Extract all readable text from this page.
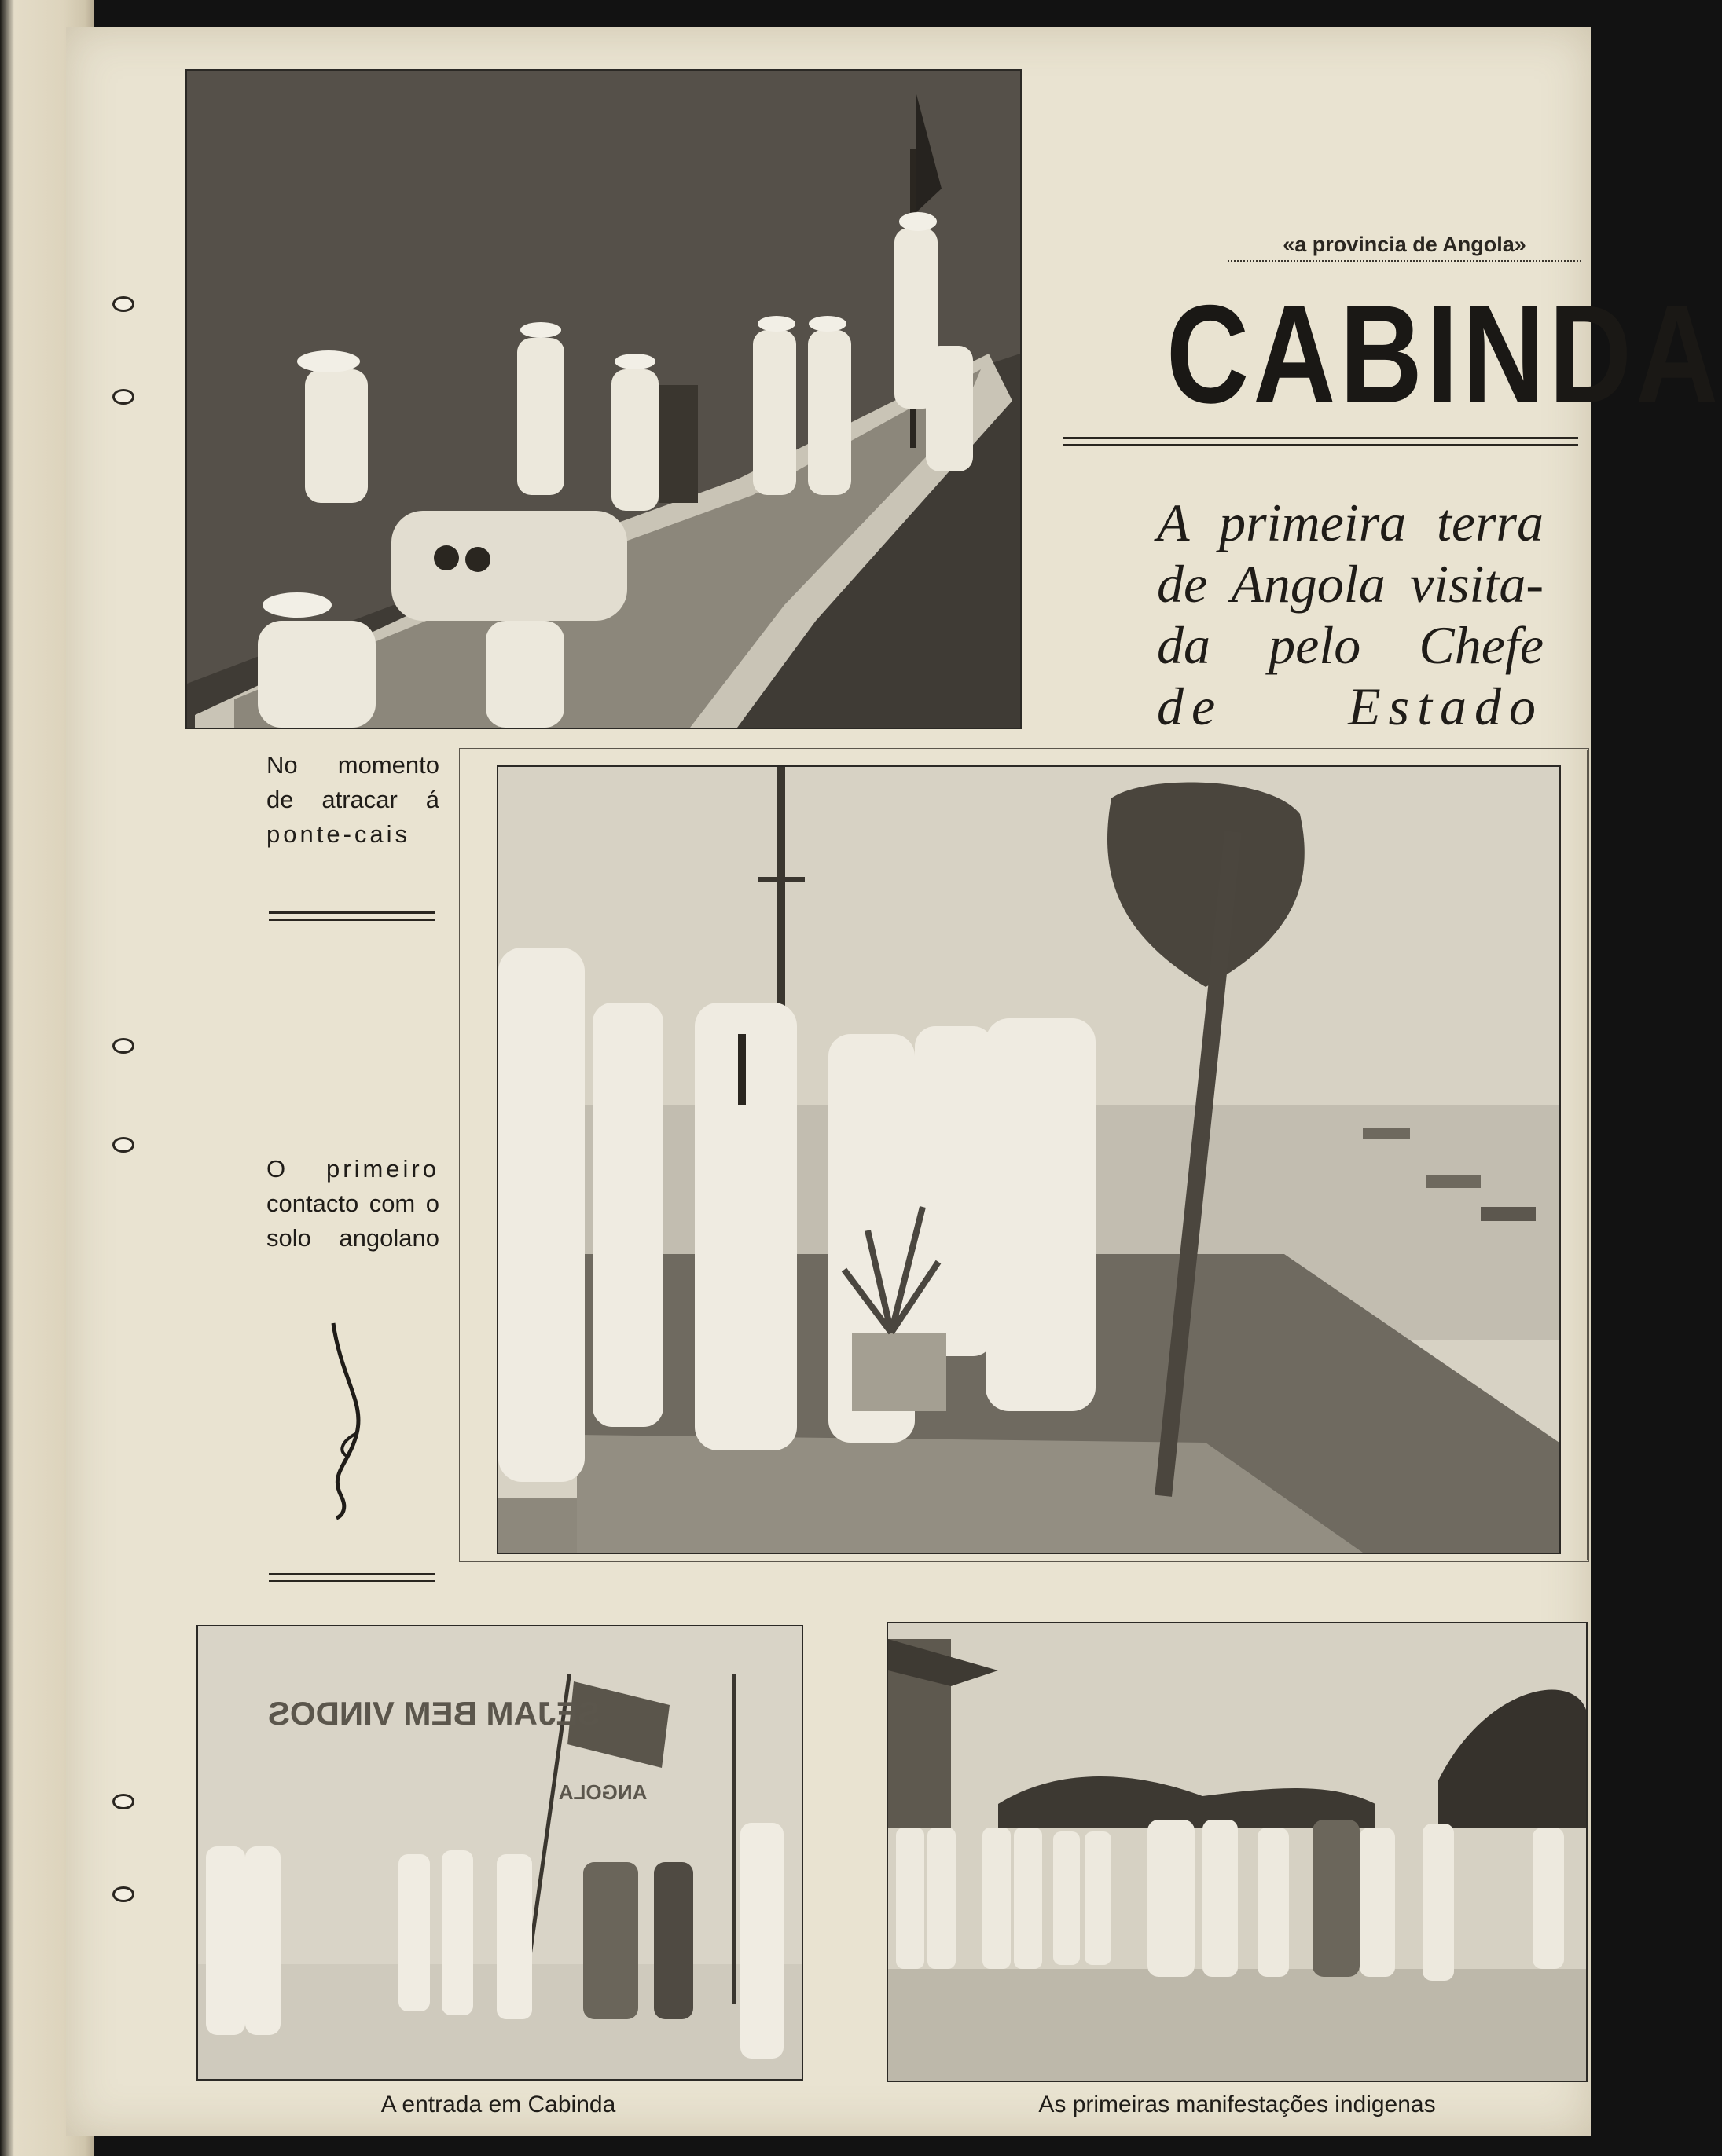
«a provincia de Angola»
CABINDA
A primeira terra
de Angola visita-
da pelo Chefe
de Estado
No momento
de atracar á
ponte-cais
O primeiro
contacto com o
solo angolano
SEJAM BEM VINDOS
ANGOLA
A entrada em Cabinda	As primeiras manifestações indigenas
